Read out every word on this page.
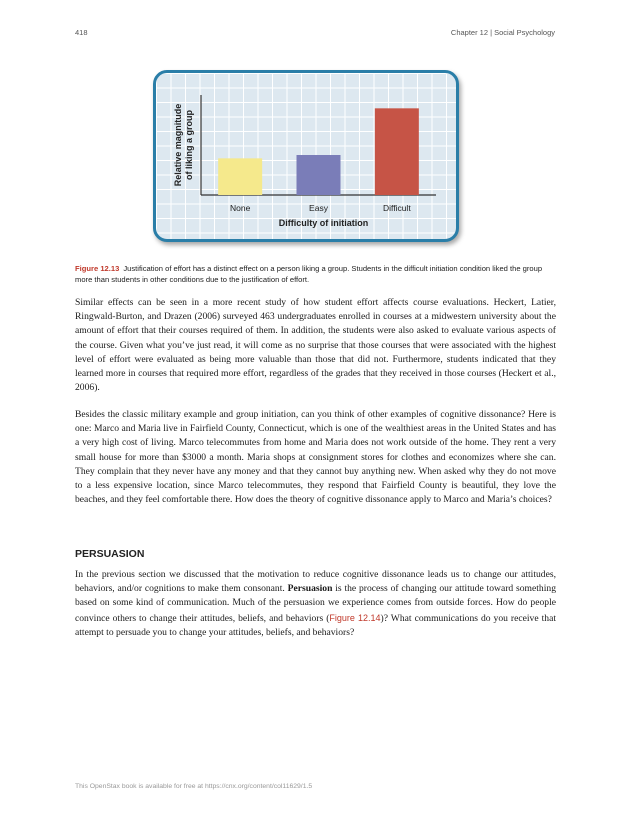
418	Chapter 12 | Social Psychology
None	Easy	Difficult
Difficulty of initiation
Relative magnitude of liking a group
Figure 12.13 Justification of effort has a distinct effect on a person liking a group. Students in the difficult initiation condition liked the group more than students in other conditions due to the justification of effort.
Similar effects can be seen in a more recent study of how student effort affects course evaluations. Heckert, Latier, Ringwald-Burton, and Drazen (2006) surveyed 463 undergraduates enrolled in courses at a midwestern university about the amount of effort that their courses required of them. In addition, the students were also asked to evaluate various aspects of the course. Given what you’ve just read, it will come as no surprise that those courses that were associated with the highest level of effort were evaluated as being more valuable than those that did not. Furthermore, students indicated that they learned more in courses that required more effort, regardless of the grades that they received in those courses (Heckert et al., 2006).
Besides the classic military example and group initiation, can you think of other examples of cognitive dissonance? Here is one: Marco and Maria live in Fairfield County, Connecticut, which is one of the wealthiest areas in the United States and has a very high cost of living. Marco telecommutes from home and Maria does not work outside of the home. They rent a very small house for more than $3000 a month. Maria shops at consignment stores for clothes and economizes where she can. They complain that they never have any money and that they cannot buy anything new. When asked why they do not move to a less expensive location, since Marco telecommutes, they respond that Fairfield County is beautiful, they love the beaches, and they feel comfortable there. How does the theory of cognitive dissonance apply to Marco and Maria’s choices?
PERSUASION
In the previous section we discussed that the motivation to reduce cognitive dissonance leads us to change our attitudes, behaviors, and/or cognitions to make them consonant. Persuasion is the process of changing our attitude toward something based on some kind of communication. Much of the persuasion we experience comes from outside forces. How do people convince others to change their attitudes, beliefs, and behaviors (Figure 12.14)? What communications do you receive that attempt to persuade you to change your attitudes, beliefs, and behaviors?
This OpenStax book is available for free at https://cnx.org/content/col11629/1.5
